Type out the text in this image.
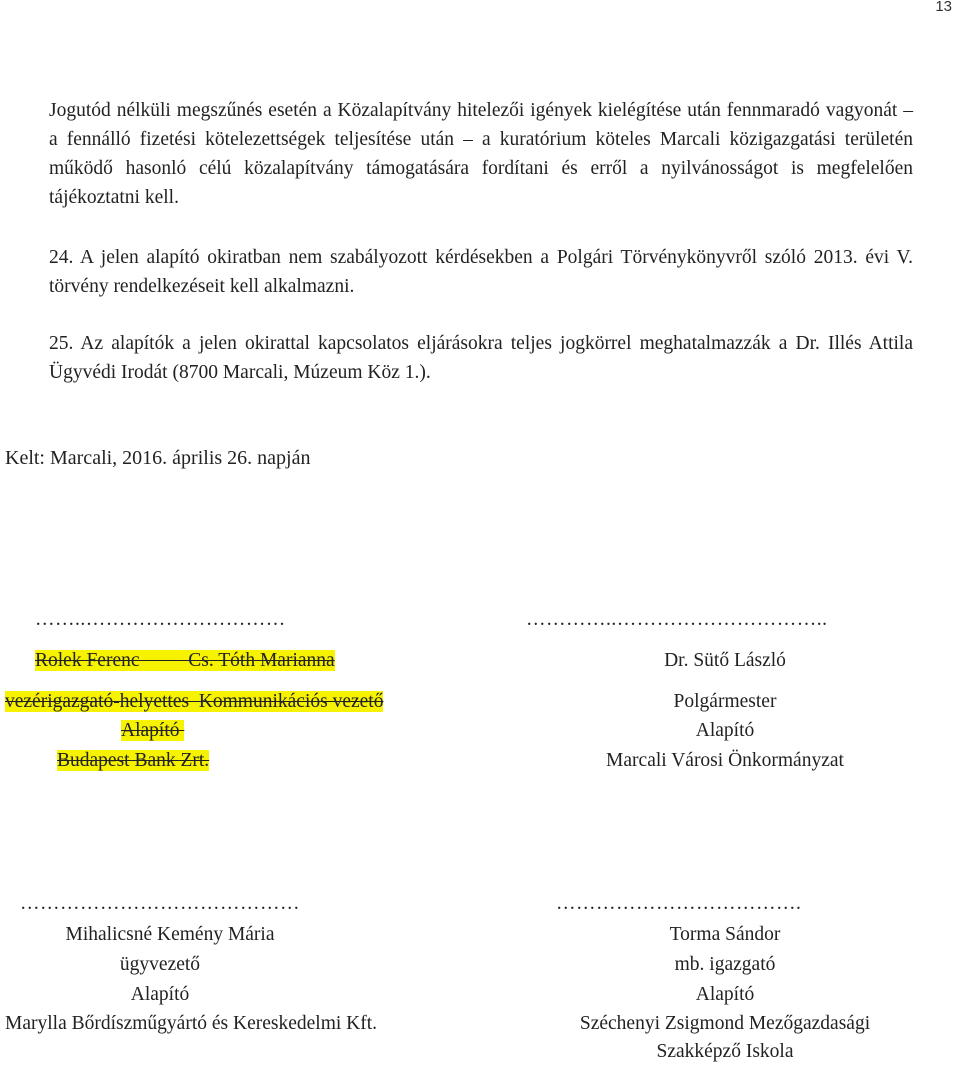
13
Jogutód nélküli megszűnés esetén a Közalapítvány hitelezői igények kielégítése után fennmaradó vagyonát – a fennálló fizetési kötelezettségek teljesítése után – a kuratórium köteles Marcali közigazgatási területén működő hasonló célú közalapítvány támogatására fordítani és erről a nyilvánosságot is megfelelően tájékoztatni kell.
24. A jelen alapító okiratban nem szabályozott kérdésekben a Polgári Törvénykönyvről szóló 2013. évi V. törvény rendelkezéseit kell alkalmazni.
25. Az alapítók a jelen okirattal kapcsolatos eljárásokra teljes jogkörrel meghatalmazzák a Dr. Illés Attila Ügyvédi Irodát (8700 Marcali, Múzeum Köz 1.).
Kelt: Marcali, 2016. április 26. napján
……..…………………………
Rolek Ferenc          Cs. Tóth Marianna
vezérigazgató-helyettes  Kommunikációs vezető
Alapító
Budapest Bank Zrt.
…………..…………………………..
Dr. Sütő László
Polgármester
Alapító
Marcali Városi Önkormányzat
……………………………………
Mihalicsné Kemény Mária
ügyvezető
Alapító
Marylla Bőrdíszműgyártó és Kereskedelmi Kft.
……………………………….
Torma Sándor
mb. igazgató
Alapító
Széchenyi Zsigmond Mezőgazdasági
Szakképző Iskola
